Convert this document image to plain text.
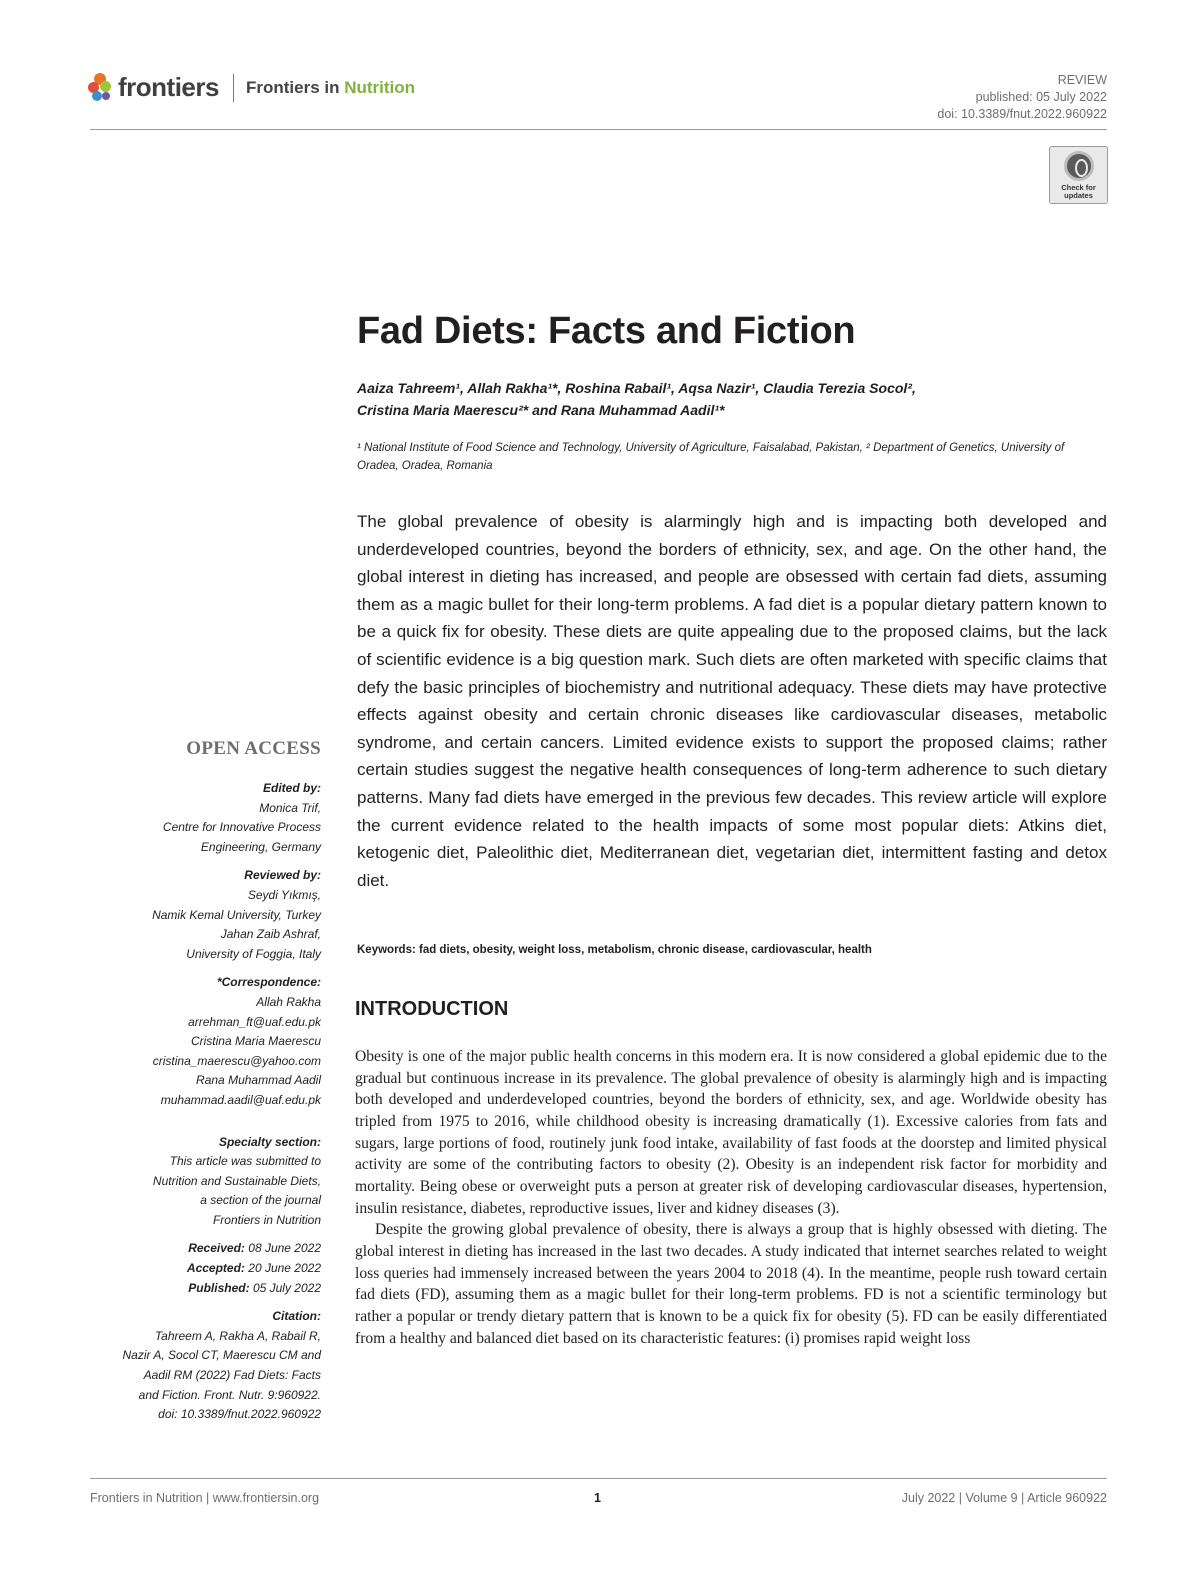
frontiers Frontiers in Nutrition	REVIEW
published: 05 July 2022
doi: 10.3389/fnut.2022.960922
Check for updates
Fad Diets: Facts and Fiction
Aaiza Tahreem¹, Allah Rakha¹*, Roshina Rabail¹, Aqsa Nazir¹, Claudia Terezia Socol²,
Cristina Maria Maerescu²* and Rana Muhammad Aadil¹*
¹ National Institute of Food Science and Technology, University of Agriculture, Faisalabad, Pakistan, ² Department of Genetics, University of Oradea, Oradea, Romania

The global prevalence of obesity is alarmingly high and is impacting both developed and underdeveloped countries, beyond the borders of ethnicity, sex, and age. On the other hand, the global interest in dieting has increased, and people are obsessed with certain fad diets, assuming them as a magic bullet for their long-term problems. A fad diet is a popular dietary pattern known to be a quick fix for obesity. These diets are quite appealing due to the proposed claims, but the lack of scientific evidence is a big question mark. Such diets are often marketed with specific claims that defy the basic principles of biochemistry and nutritional adequacy. These diets may have protective effects against obesity and certain chronic diseases like cardiovascular diseases, metabolic syndrome, and certain cancers. Limited evidence exists to support the proposed claims; rather certain studies suggest the negative health consequences of long-term adherence to such dietary patterns. Many fad diets have emerged in the previous few decades. This review article will explore the current evidence related to the health impacts of some most popular diets: Atkins diet, ketogenic diet, Paleolithic diet, Mediterranean diet, vegetarian diet, intermittent fasting and detox diet.

Keywords: fad diets, obesity, weight loss, metabolism, chronic disease, cardiovascular, health
INTRODUCTION

Obesity is one of the major public health concerns in this modern era. It is now considered a global epidemic due to the gradual but continuous increase in its prevalence. The global prevalence of obesity is alarmingly high and is impacting both developed and underdeveloped countries, beyond the borders of ethnicity, sex, and age. Worldwide obesity has tripled from 1975 to 2016, while childhood obesity is increasing dramatically (1). Excessive calories from fats and sugars, large portions of food, routinely junk food intake, availability of fast foods at the doorstep and limited physical activity are some of the contributing factors to obesity (2). Obesity is an independent risk factor for morbidity and mortality. Being obese or overweight puts a person at greater risk of developing cardiovascular diseases, hypertension, insulin resistance, diabetes, reproductive issues, liver and kidney diseases (3).

Despite the growing global prevalence of obesity, there is always a group that is highly obsessed with dieting. The global interest in dieting has increased in the last two decades. A study indicated that internet searches related to weight loss queries had immensely increased between the years 2004 to 2018 (4). In the meantime, people rush toward certain fad diets (FD), assuming them as a magic bullet for their long-term problems. FD is not a scientific terminology but rather a popular or trendy dietary pattern that is known to be a quick fix for obesity (5). FD can be easily differentiated from a healthy and balanced diet based on its characteristic features: (i) promises rapid weight loss

OPEN ACCESS
Edited by:
Monica Trif,
Centre for Innovative Process
Engineering, Germany
Reviewed by:
Seydi Yıkmış,
Namik Kemal University, Turkey
Jahan Zaib Ashraf,
University of Foggia, Italy
*Correspondence:
Allah Rakha
arrehman_ft@uaf.edu.pk
Cristina Maria Maerescu
cristina_maerescu@yahoo.com
Rana Muhammad Aadil
muhammad.aadil@uaf.edu.pk
Specialty section:
This article was submitted to
Nutrition and Sustainable Diets,
a section of the journal
Frontiers in Nutrition
Received: 08 June 2022
Accepted: 20 June 2022
Published: 05 July 2022
Citation:
Tahreem A, Rakha A, Rabail R,
Nazir A, Socol CT, Maerescu CM and
Aadil RM (2022) Fad Diets: Facts
and Fiction. Front. Nutr. 9:960922.
doi: 10.3389/fnut.2022.960922
Frontiers in Nutrition | www.frontiersin.org	1	July 2022 | Volume 9 | Article 960922
